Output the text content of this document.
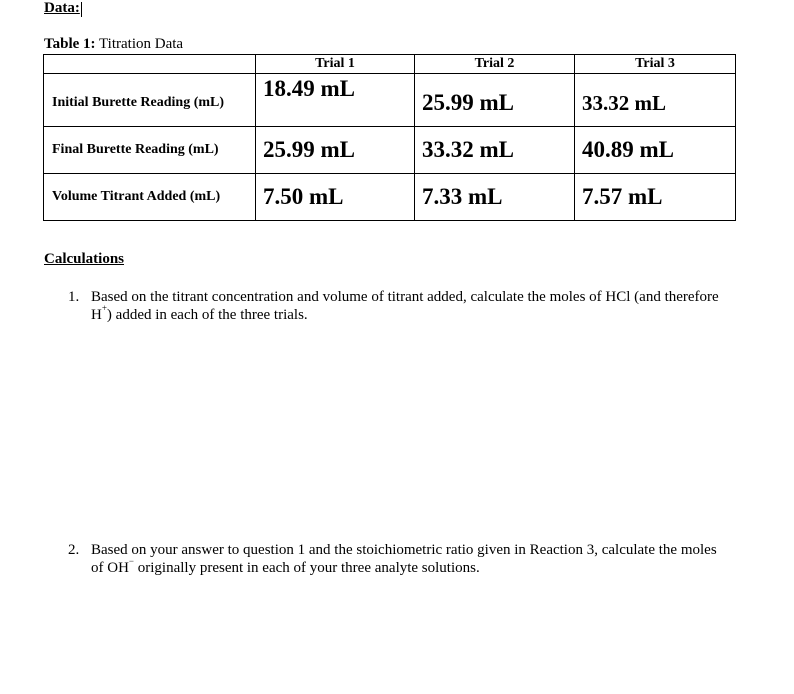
Data:
Table 1: Titration Data
	Trial 1	Trial 2	Trial 3
Initial Burette Reading (mL)	18.49 mL	25.99 mL	33.32 mL
Final Burette Reading (mL)	25.99 mL	33.32 mL	40.89 mL
Volume Titrant Added (mL)	7.50 mL	7.33 mL	7.57 mL
Calculations
1. Based on the titrant concentration and volume of titrant added, calculate the moles of HCl (and therefore
H+) added in each of the three trials.
2. Based on your answer to question 1 and the stoichiometric ratio given in Reaction 3, calculate the moles
of OH− originally present in each of your three analyte solutions.
